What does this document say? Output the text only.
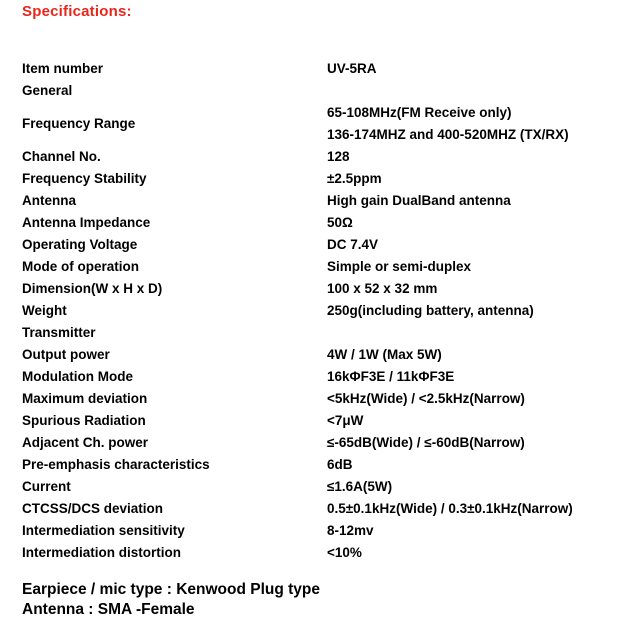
Specifications:
Item number	UV-5RA

General	
Frequency Range	65-108MHz(FM Receive only)
136-174MHZ and 400-520MHZ (TX/RX)

Channel No.	128

Frequency Stability	±2.5ppm

Antenna	High gain DualBand antenna

Antenna Impedance	50Ω

Operating Voltage	DC 7.4V

Mode of operation	Simple or semi-duplex

Dimension(W x H x D)	100 x 52 x 32 mm

Weight	250g(including battery, antenna)

Transmitter	
Output power	4W / 1W (Max 5W)

Modulation Mode	16kΦF3E / 11kΦF3E

Maximum deviation	<5kHz(Wide) / <2.5kHz(Narrow)

Spurious Radiation	<7μW

Adjacent Ch. power	≤-65dB(Wide) / ≤-60dB(Narrow)

Pre-emphasis characteristics	6dB

Current	≤1.6A(5W)

CTCSS/DCS deviation	0.5±0.1kHz(Wide) / 0.3±0.1kHz(Narrow)

Intermediation sensitivity	8-12mv

Intermediation distortion	<10%
Earpiece / mic type : Kenwood Plug type
Antenna : SMA -Female
